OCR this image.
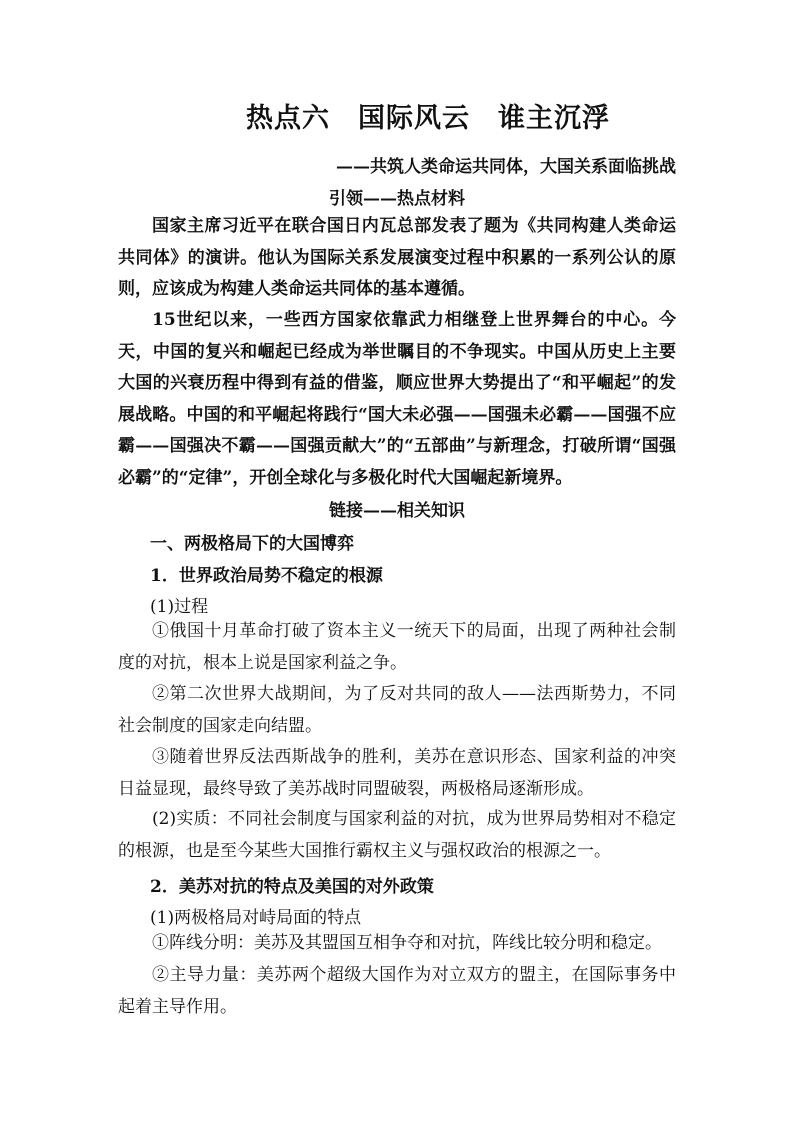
热点六　国际风云　谁主沉浮
——共筑人类命运共同体，大国关系面临挑战
引领——热点材料
国家主席习近平在联合国日内瓦总部发表了题为《共同构建人类命运共同体》的演讲。他认为国际关系发展演变过程中积累的一系列公认的原则，应该成为构建人类命运共同体的基本遵循。
15世纪以来，一些西方国家依靠武力相继登上世界舞台的中心。今天，中国的复兴和崛起已经成为举世瞩目的不争现实。中国从历史上主要大国的兴衰历程中得到有益的借鉴，顺应世界大势提出了“和平崛起”的发展战略。中国的和平崛起将践行“国大未必强——国强未必霸——国强不应霸——国强决不霸——国强贡献大”的“五部曲”与新理念，打破所谓“国强必霸”的“定律”，开创全球化与多极化时代大国崛起新境界。
链接——相关知识
一、两极格局下的大国博弈
1．世界政治局势不稳定的根源
(1)过程
①俄国十月革命打破了资本主义一统天下的局面，出现了两种社会制度的对抗，根本上说是国家利益之争。
②第二次世界大战期间，为了反对共同的敌人——法西斯势力，不同社会制度的国家走向结盟。
③随着世界反法西斯战争的胜利，美苏在意识形态、国家利益的冲突日益显现，最终导致了美苏战时同盟破裂，两极格局逐渐形成。
(2)实质：不同社会制度与国家利益的对抗，成为世界局势相对不稳定的根源，也是至今某些大国推行霸权主义与强权政治的根源之一。
2．美苏对抗的特点及美国的对外政策
(1)两极格局对峙局面的特点
①阵线分明：美苏及其盟国互相争夺和对抗，阵线比较分明和稳定。
②主导力量：美苏两个超级大国作为对立双方的盟主，在国际事务中起着主导作用。
